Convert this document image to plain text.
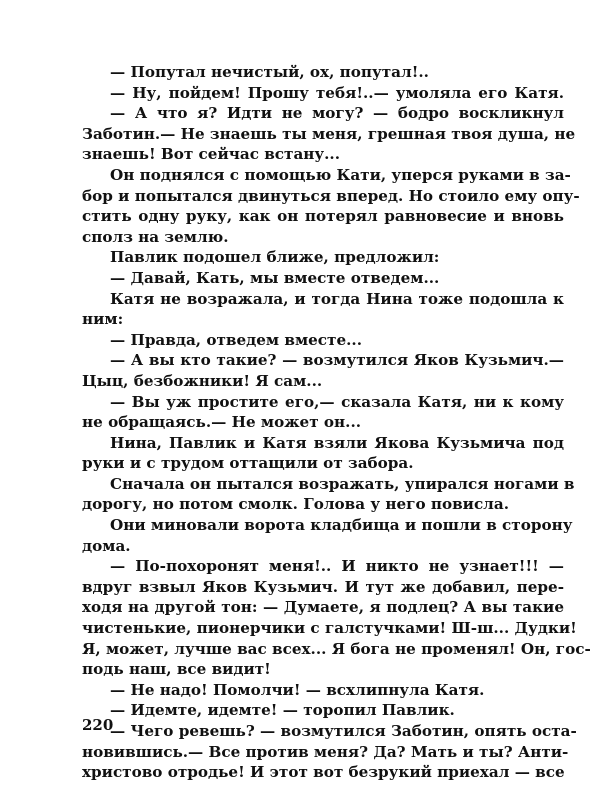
— Попутал нечистый, ох, попутал!..
— Ну, пойдем! Прошу тебя!..— умоляла его Катя.
— А что я? Идти не могу? — бодро воскликнул
Заботин.— Не знаешь ты меня, грешная твоя душа, не
знаешь! Вот сейчас встану...
Он поднялся с помощью Кати, уперся руками в за-
бор и попытался двинуться вперед. Но стоило ему опу-
стить одну руку, как он потерял равновесие и вновь
сполз на землю.
Павлик подошел ближе, предложил:
— Давай, Кать, мы вместе отведем...
Катя не возражала, и тогда Нина тоже подошла к
ним:
— Правда, отведем вместе...
— А вы кто такие? — возмутился Яков Кузьмич.—
Цыц, безбожники! Я сам...
— Вы уж простите его,— сказала Катя, ни к кому
не обращаясь.— Не может он...
Нина, Павлик и Катя взяли Якова Кузьмича под
руки и с трудом оттащили от забора.
Сначала он пытался возражать, упирался ногами в
дорогу, но потом смолк. Голова у него повисла.
Они миновали ворота кладбища и пошли в сторону
дома.
— По-похоронят меня!.. И никто не узнает!!! —
вдруг взвыл Яков Кузьмич. И тут же добавил, пере-
ходя на другой тон: — Думаете, я подлец? А вы такие
чистенькие, пионерчики с галстучками! Ш-ш... Дудки!
Я, может, лучше вас всех... Я бога не променял! Он, гос-
подь наш, все видит!
— Не надо! Помолчи! — всхлипнула Катя.
— Идемте, идемте! — торопил Павлик.
— Чего ревешь? — возмутился Заботин, опять оста-
новившись.— Все против меня? Да? Мать и ты? Анти-
христово отродье! И этот вот безрукий приехал — все
220
